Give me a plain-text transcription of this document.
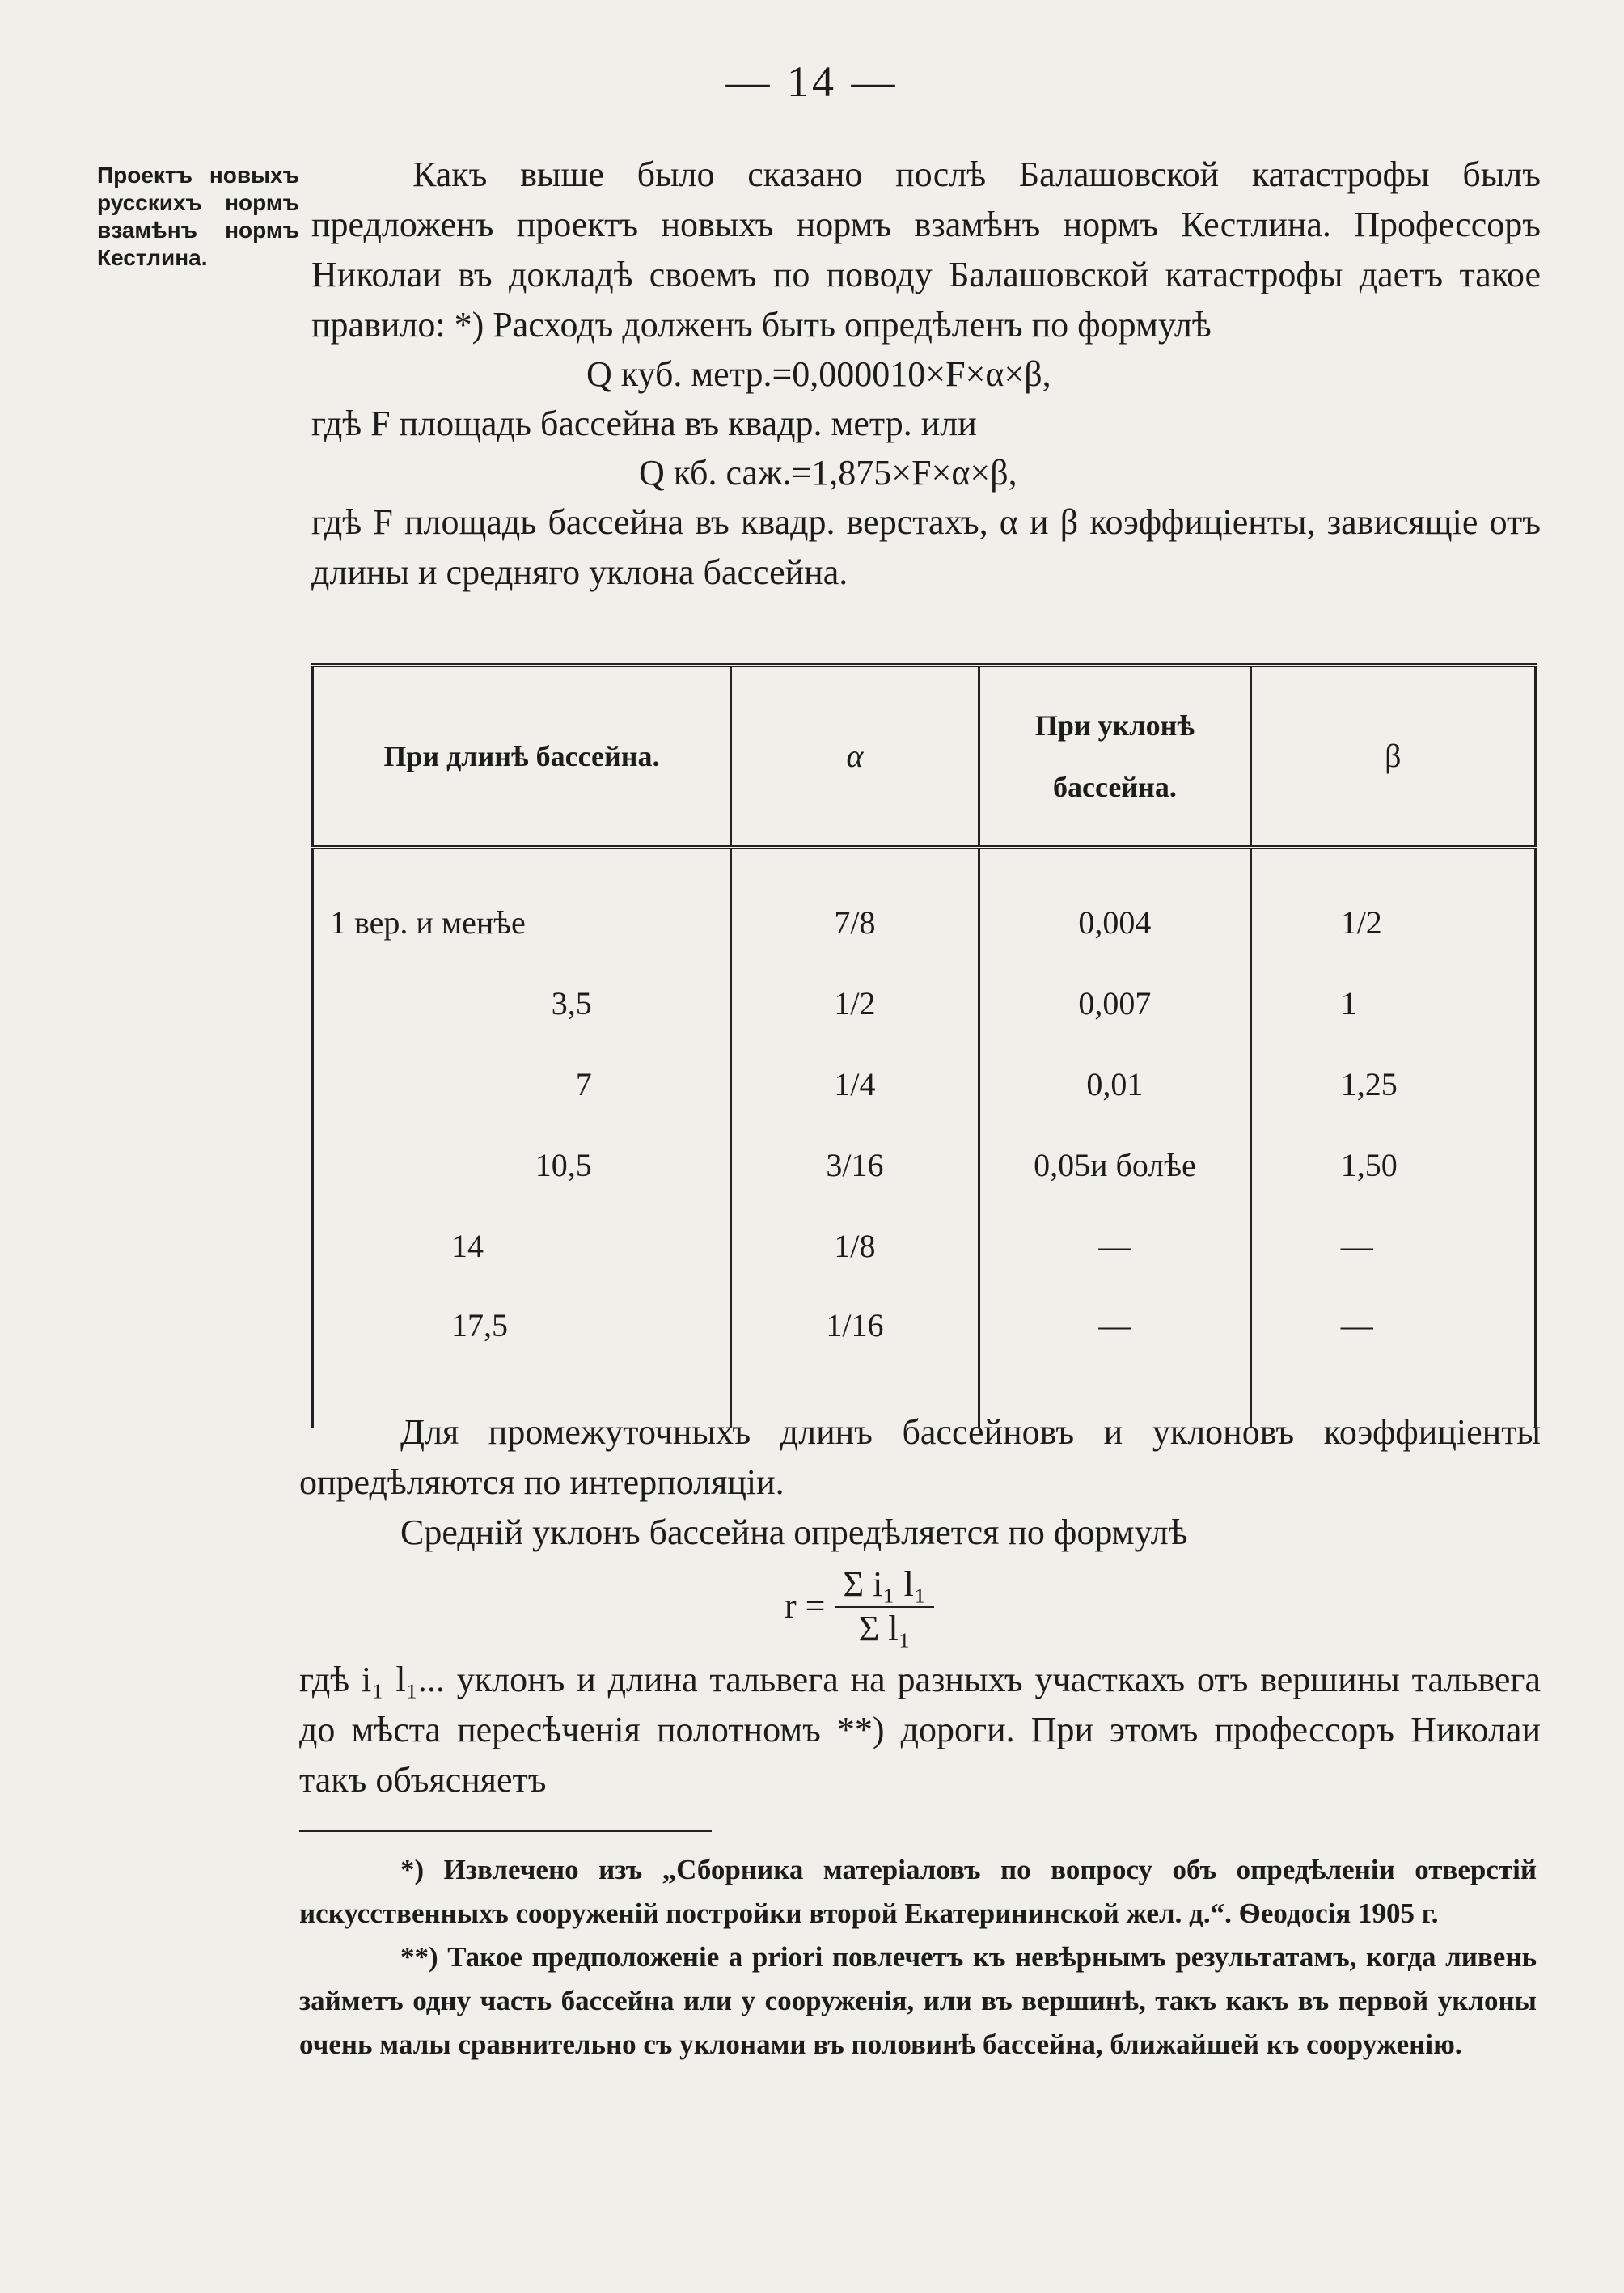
— 14 —
Проектъ новыхъ русскихъ нормъ взамѣнъ нормъ Кестлина.

Какъ выше было сказано послѣ Балашовской катастрофы былъ предложенъ проектъ новыхъ нормъ взамѣнъ нормъ Кестлина. Профессоръ Николаи въ докладѣ своемъ по поводу Балашовской катастрофы даетъ такое правило: *) Расходъ долженъ быть опредѣленъ по формулѣ

Q куб. метр.=0,000010×F×α×β,

гдѣ F площадь бассейна въ квадр. метр. или

Q кб. саж.=1,875×F×α×β,

гдѣ F площадь бассейна въ квадр. верстахъ, α и β коэффиціенты, зависящіе отъ длины и средняго уклона бассейна.

При длинѣ бассейна.	α	При уклонѣ бассейна.	β
1 вер. и менѣе	7/8	0,004	1/2
3,5	1/2	0,007	1
7	1/4	0,01	1,25
10,5	3/16	0,05и болѣе	1,50
14	1/8	—	—
17,5	1/16	—	—

Для промежуточныхъ длинъ бассейновъ и уклоновъ коэффиціенты опредѣляются по интерполяціи.

Среднiй уклонъ бассейна опредѣляется по формулѣ

$r = \frac{\text{Σ i₁ l₁}}{\text{Σ l₁}}$

гдѣ i₁ l₁... уклонъ и длина тальвега на разныхъ участкахъ отъ вершины тальвега до мѣста пересѣченія полотномъ **) дороги. При этомъ профессоръ Николаи такъ объясняетъ

*) Извлечено изъ „Сборника матеріаловъ по вопросу объ опредѣленіи отверстій искусственныхъ сооруженій постройки второй Екатерининской жел. д.“. Ѳеодосія 1905 г.

**) Такое предположеніе а priori повлечетъ къ невѣрнымъ результатамъ, когда ливень займетъ одну часть бассейна или у сооруженія, или въ вершинѣ, такъ какъ въ первой уклоны очень малы сравнительно съ уклонами въ половинѣ бассейна, ближайшей къ сооруженію.
